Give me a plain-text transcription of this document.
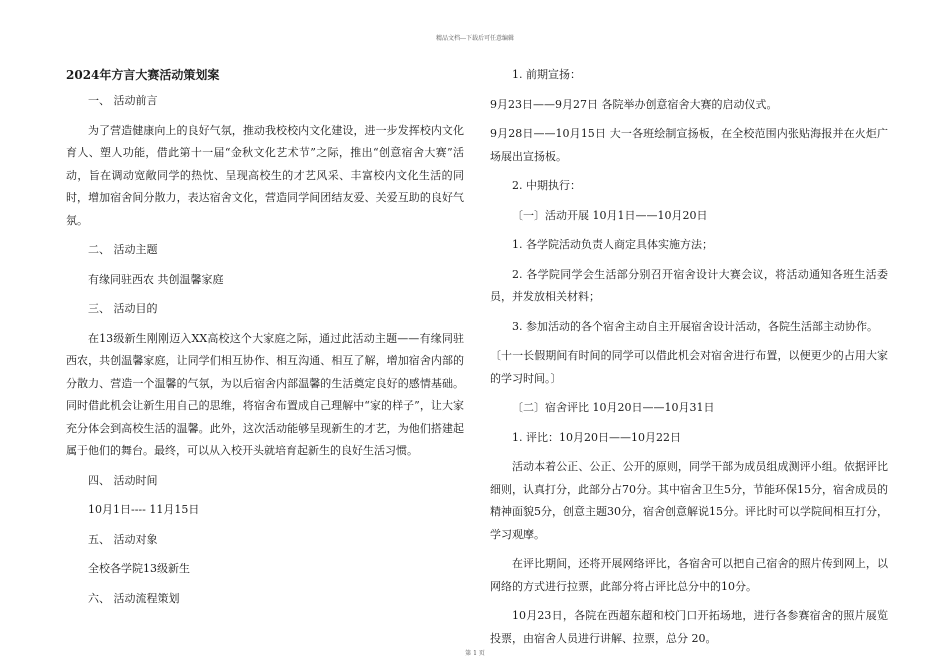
精品文档---下载后可任意编辑

2024年方言大赛活动策划案

一、 活动前言

为了营造健康向上的良好气氛，推动我校校内文化建设，进一步发挥校内文化育人、塑人功能，借此第十一届“金秋文化艺术节”之际，推出“创意宿舍大赛”活动，旨在调动宽敞同学的热忱、呈现高校生的才艺风采、丰富校内文化生活的同时，增加宿舍间分散力，表达宿舍文化，营造同学间团结友爱、关爱互助的良好气氛。

二、 活动主题

有缘同驻西农 共创温馨家庭

三、 活动目的

在13级新生刚刚迈入XX高校这个大家庭之际，通过此活动主题——有缘同驻西农，共创温馨家庭，让同学们相互协作、相互沟通、相互了解，增加宿舍内部的分散力、营造一个温馨的气氛，为以后宿舍内部温馨的生活奠定良好的感情基础。同时借此机会让新生用自己的思维，将宿舍布置成自己理解中“家的样子”，让大家充分体会到高校生活的温馨。此外，这次活动能够呈现新生的才艺，为他们搭建起属于他们的舞台。最终，可以从入校开头就培育起新生的良好生活习惯。

四、 活动时间

10月1日---- 11月15日

五、 活动对象

全校各学院13级新生

六、 活动流程策划

1. 前期宣扬：

9月23日——9月27日 各院举办创意宿舍大赛的启动仪式。

9月28日——10月15日 大一各班绘制宣扬板，在全校范围内张贴海报并在火炬广场展出宣扬板。

2. 中期执行：

〔一〕活动开展 10月1日——10月20日

1. 各学院活动负责人商定具体实施方法；

2. 各学院同学会生活部分别召开宿舍设计大赛会议，将活动通知各班生活委员，并发放相关材料；

3. 参加活动的各个宿舍主动自主开展宿舍设计活动，各院生活部主动协作。

〔十一长假期间有时间的同学可以借此机会对宿舍进行布置，以便更少的占用大家的学习时间。〕

〔二〕宿舍评比 10月20日——10月31日

1. 评比：10月20日——10月22日

活动本着公正、公正、公开的原则，同学干部为成员组成测评小组。依据评比细则，认真打分，此部分占70分。其中宿舍卫生5分，节能环保15分，宿舍成员的精神面貌5分，创意主题30分，宿舍创意解说15分。评比时可以学院间相互打分，学习观摩。

在评比期间，还将开展网络评比，各宿舍可以把自己宿舍的照片传到网上，以网络的方式进行拉票，此部分将占评比总分中的10分。

10月23日，各院在西超东超和校门口开拓场地，进行各参赛宿舍的照片展览投票，由宿舍人员进行讲解、拉票，总分 20。

第 1 页
